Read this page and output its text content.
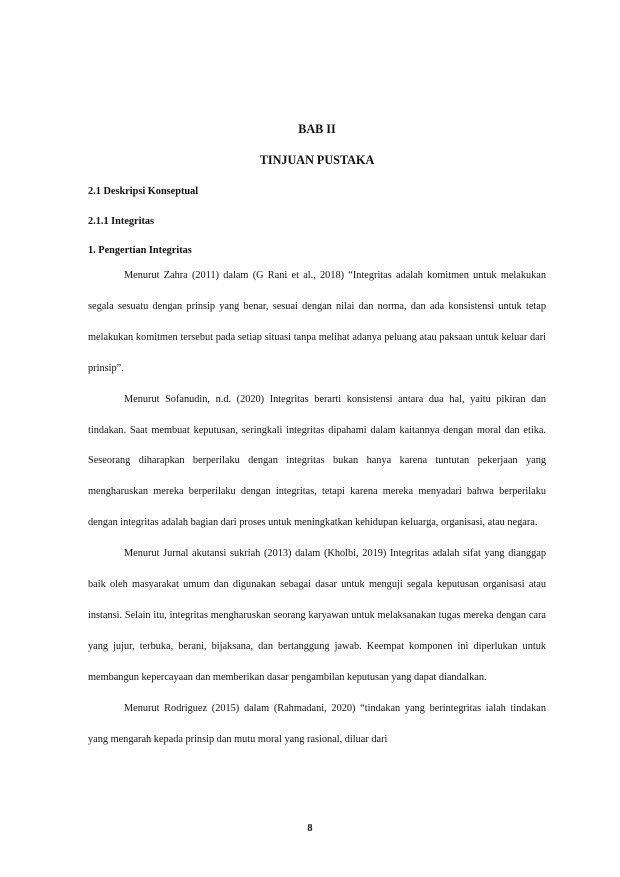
BAB II

TINJUAN PUSTAKA

2.1 Deskripsi Konseptual

2.1.1 Integritas

1. Pengertian Integritas

Menurut Zahra (2011) dalam (G Rani et al., 2018) “Integritas adalah komitmen untuk melakukan segala sesuatu dengan prinsip yang benar, sesuai dengan nilai dan norma, dan ada konsistensi untuk tetap melakukan komitmen tersebut pada setiap situasi tanpa melihat adanya peluang atau paksaan untuk keluar dari prinsip”.

Menurut Sofanudin, n.d. (2020) Integritas berarti konsistensi antara dua hal, yaitu pikiran dan tindakan. Saat membuat keputusan, seringkali integritas dipahami dalam kaitannya dengan moral dan etika. Seseorang diharapkan berperilaku dengan integritas bukan hanya karena tuntutan pekerjaan yang mengharuskan mereka berperilaku dengan integritas, tetapi karena mereka menyadari bahwa berperilaku dengan integritas adalah bagian dari proses untuk meningkatkan kehidupan keluarga, organisasi, atau negara.

Menurut Jurnal akutansi sukriah (2013) dalam (Kholbi, 2019) Integritas adalah sifat yang dianggap baik oleh masyarakat umum dan digunakan sebagai dasar untuk menguji segala keputusan organisasi atau instansi. Selain itu, integritas mengharuskan seorang karyawan untuk melaksanakan tugas mereka dengan cara yang jujur, terbuka, berani, bijaksana, dan bertanggung jawab. Keempat komponen ini diperlukan untuk membangun kepercayaan dan memberikan dasar pengambilan keputusan yang dapat diandalkan.

Menurut Rodriguez (2015) dalam (Rahmadani, 2020) “tindakan yang berintegritas ialah tindakan yang mengarah kepada prinsip dan mutu moral yang rasional, diluar dari

8
